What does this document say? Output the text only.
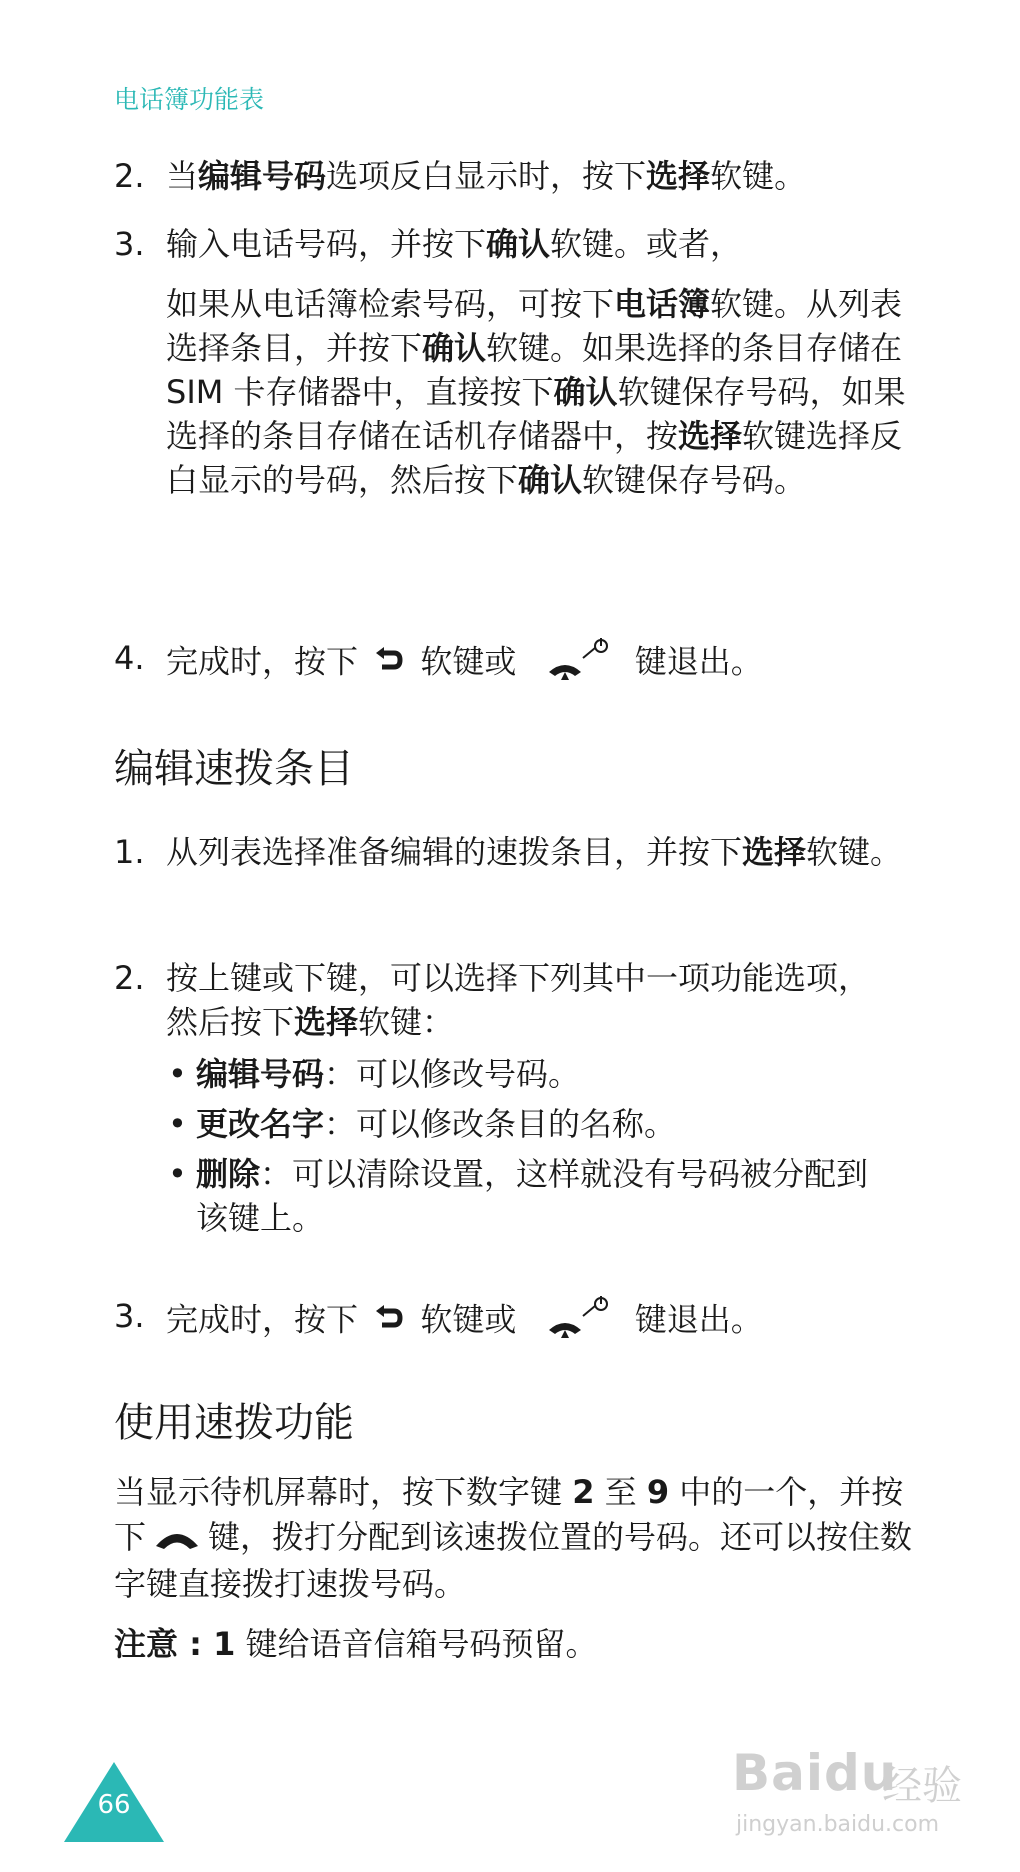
电话簿功能表
2. 当编辑号码选项反白显示时，按下选择软键。
3. 输入电话号码，并按下确认软键。或者，
如果从电话簿检索号码，可按下电话簿软键。从列表选择条目，并按下确认软键。如果选择的条目存储在 SIM 卡存储器中，直接按下确认软键保存号码，如果选择的条目存储在话机存储器中，按选择软键选择反白显示的号码，然后按下确认软键保存号码。
4. 完成时，按下 软键或	键退出。
编辑速拨条目
1. 从列表选择准备编辑的速拨条目，并按下选择软键。
2. 按上键或下键，可以选择下列其中一项功能选项，然后按下选择软键：
• 编辑号码：可以修改号码。
• 更改名字：可以修改条目的名称。
• 删除：可以清除设置，这样就没有号码被分配到该键上。
3. 完成时，按下 软键或	键退出。
使用速拨功能
当显示待机屏幕时，按下数字键 2 至 9 中的一个，并按下 键，拨打分配到该速拨位置的号码。还可以按住数字键直接拨打速拨号码。
注意 : 1 键给语音信箱号码预留。
66
Baidu
经验
jingyan.baidu.com
